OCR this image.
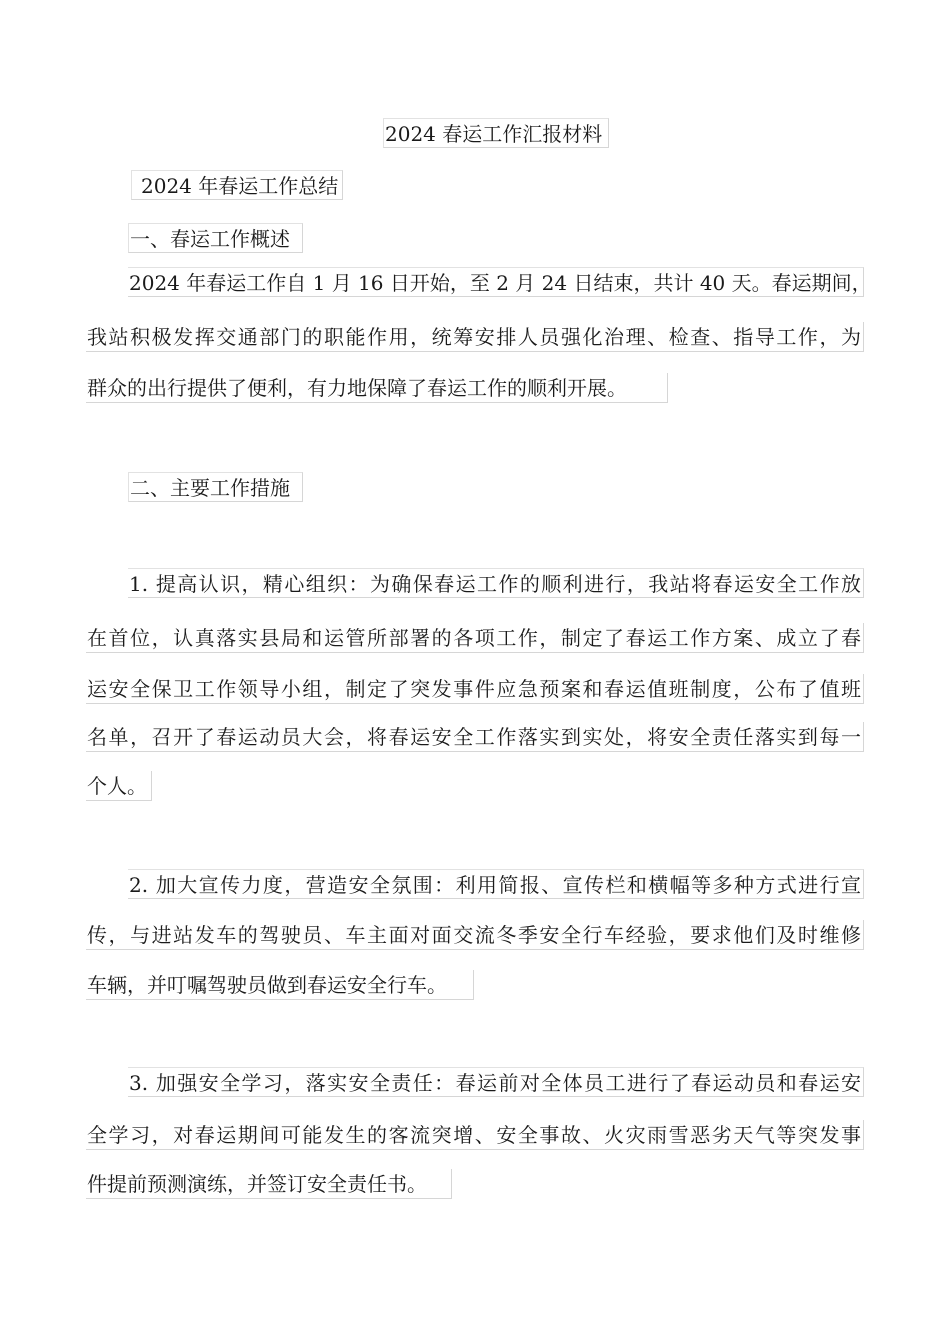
2024 春运工作汇报材料
2024 年春运工作总结
一、春运工作概述
2024 年春运工作自 1 月 16 日开始，至 2 月 24 日结束，共计 40 天。春运期间，
我站积极发挥交通部门的职能作用，统筹安排人员强化治理、检查、指导工作，为
群众的出行提供了便利，有力地保障了春运工作的顺利开展。
二、主要工作措施
1. 提高认识，精心组织：为确保春运工作的顺利进行，我站将春运安全工作放
在首位，认真落实县局和运管所部署的各项工作，制定了春运工作方案、成立了春
运安全保卫工作领导小组，制定了突发事件应急预案和春运值班制度，公布了值班
名单，召开了春运动员大会，将春运安全工作落实到实处，将安全责任落实到每一
个人。
2. 加大宣传力度，营造安全氛围：利用简报、宣传栏和横幅等多种方式进行宣
传，与进站发车的驾驶员、车主面对面交流冬季安全行车经验，要求他们及时维修
车辆，并叮嘱驾驶员做到春运安全行车。
3. 加强安全学习，落实安全责任：春运前对全体员工进行了春运动员和春运安
全学习，对春运期间可能发生的客流突增、安全事故、火灾雨雪恶劣天气等突发事
件提前预测演练，并签订安全责任书。
